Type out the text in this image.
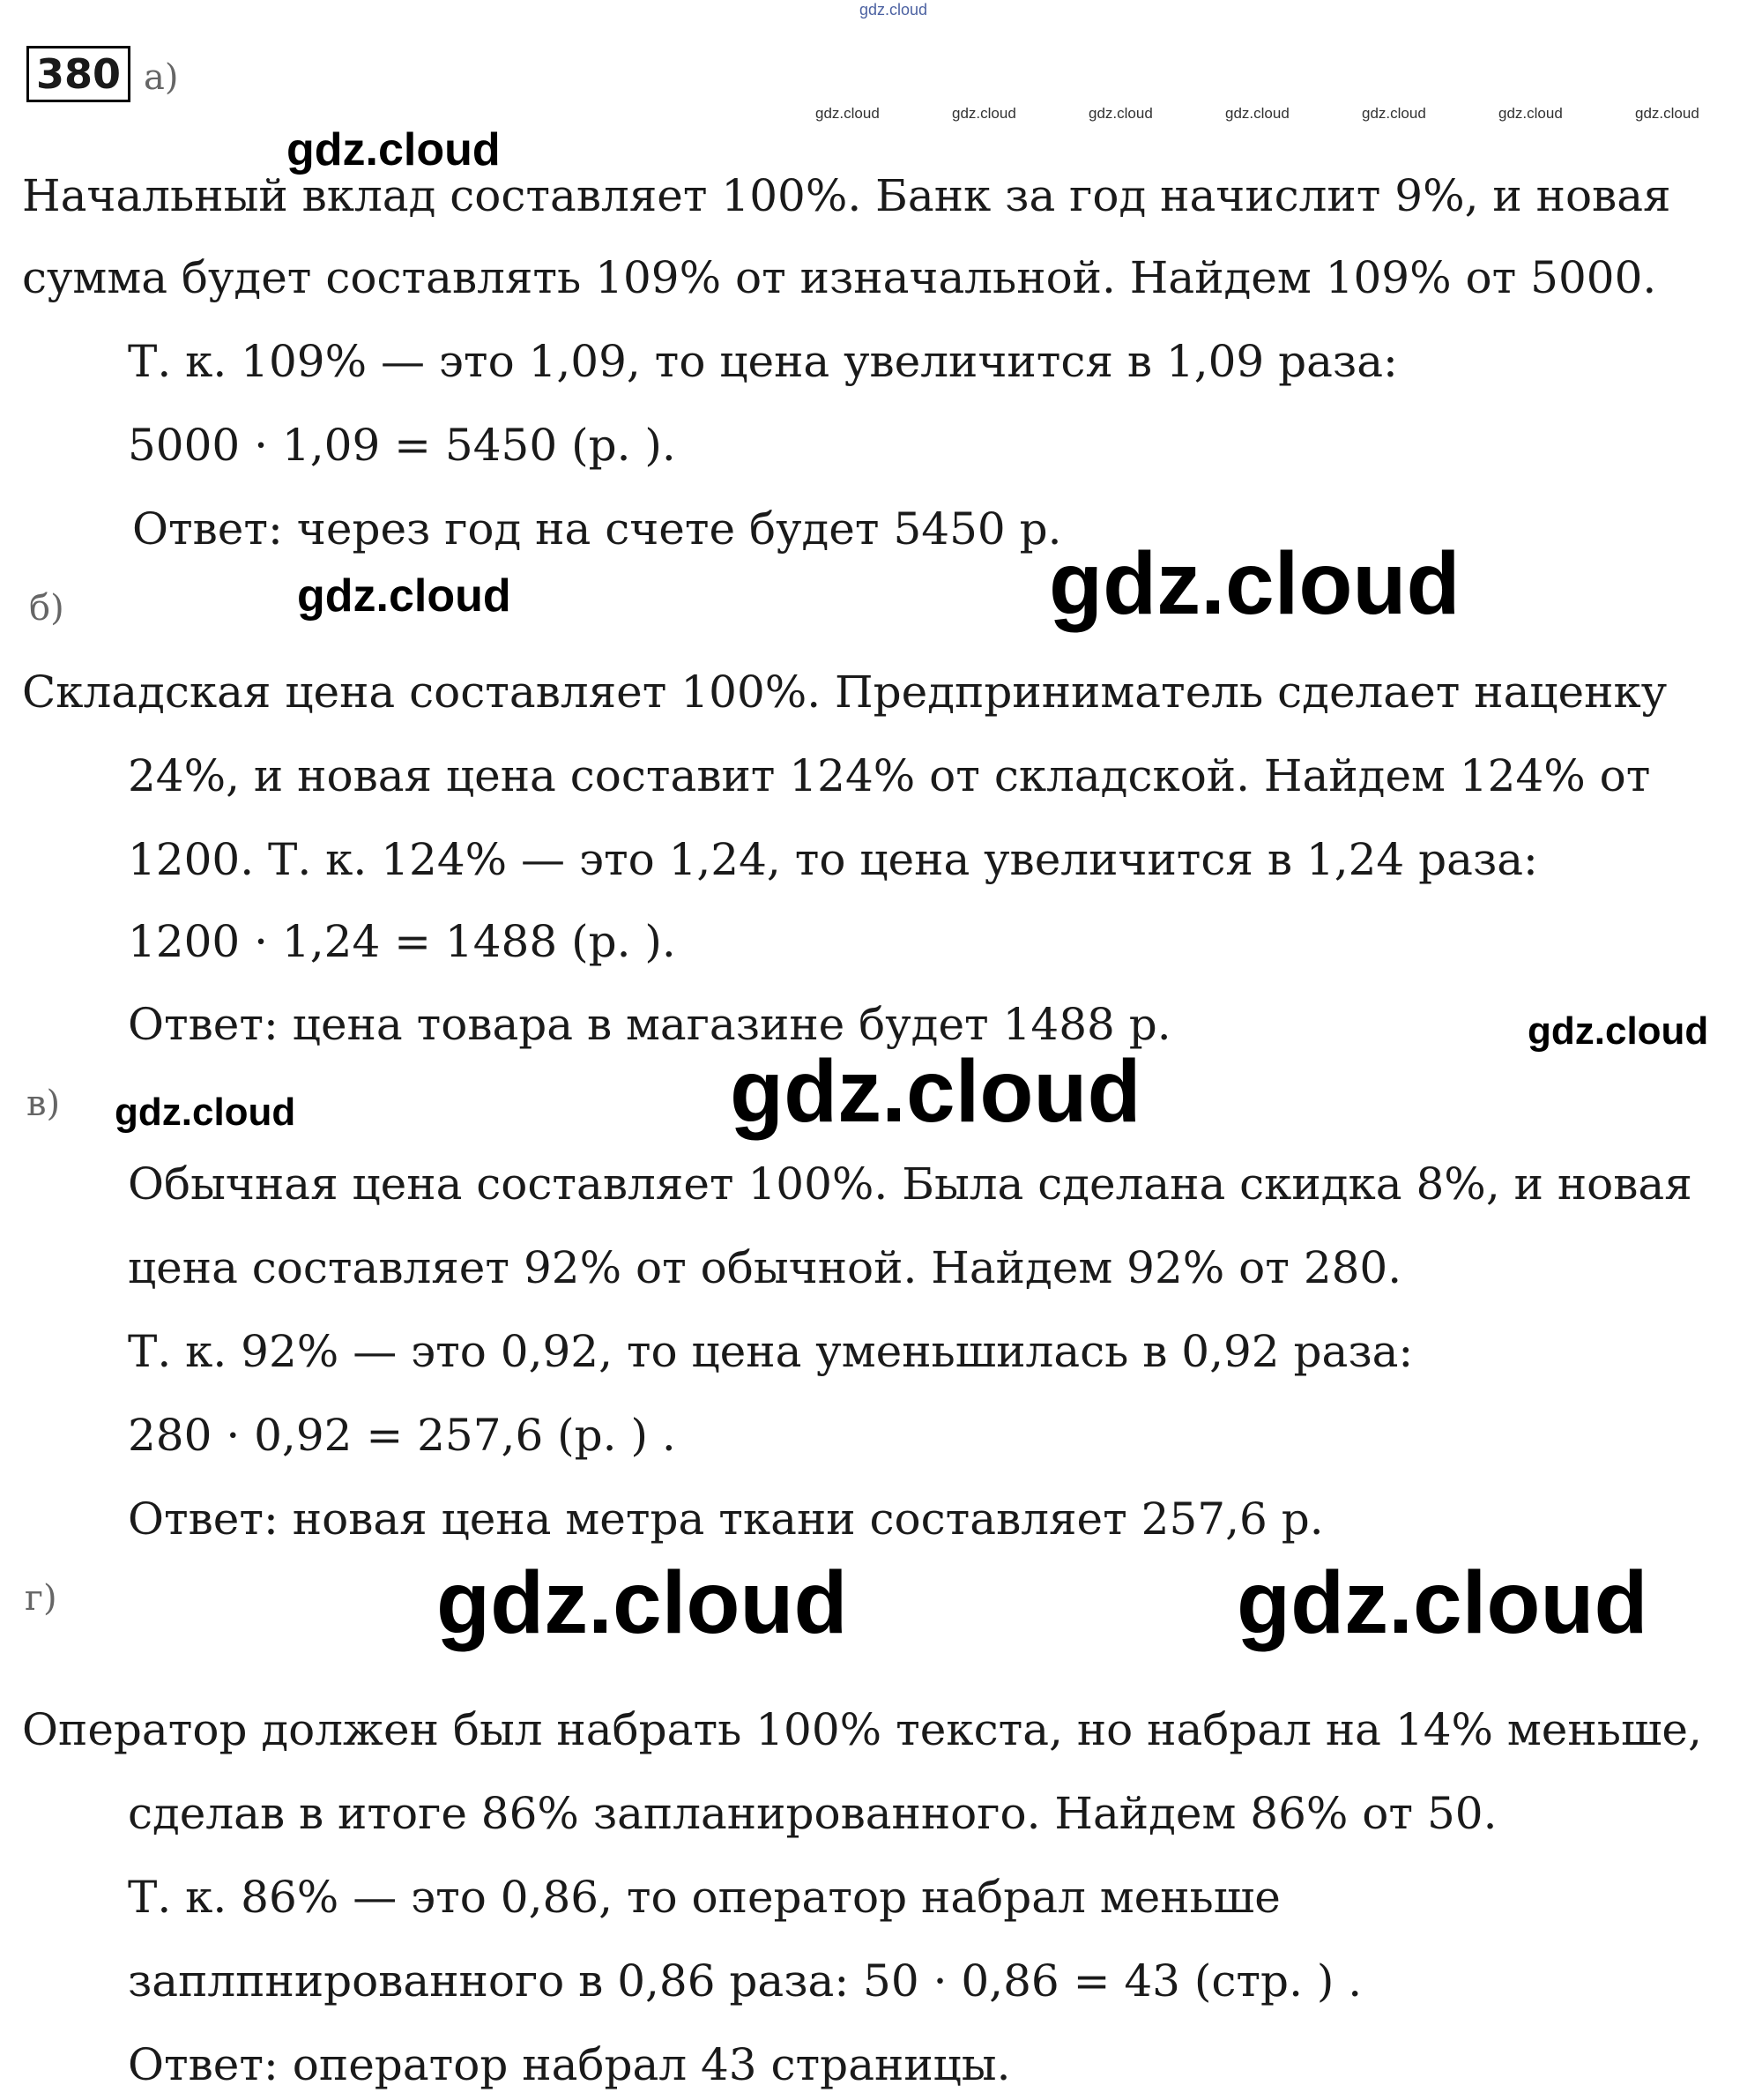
gdz.cloud
gdz.cloud	gdz.cloud	gdz.cloud	gdz.cloud	gdz.cloud	gdz.cloud	gdz.cloud
gdz.cloud
gdz.cloud	gdz.cloud
gdz.cloud
gdz.cloud
gdz.cloud
gdz.cloud	gdz.cloud
380 а)
Начальный вклад составляет 100%. Банк за год начислит 9%, и новая
сумма будет составлять 109% от изначальной. Найдем 109% от 5000.
Т. к. 109% — это 1,09, то цена увеличится в 1,09 раза:
5000 · 1,09 = 5450 (р. ).
Ответ: через год на счете будет 5450 р.
б)
Складская цена составляет 100%. Предприниматель сделает наценку
24%, и новая цена составит 124% от складской. Найдем 124% от
1200. Т. к. 124% — это 1,24, то цена увеличится в 1,24 раза:
1200 · 1,24 = 1488 (р. ).
Ответ: цена товара в магазине будет 1488 р.
в)
Обычная цена составляет 100%. Была сделана скидка 8%, и новая
цена составляет 92% от обычной. Найдем 92% от 280.
Т. к. 92% — это 0,92, то цена уменьшилась в 0,92 раза:
280 · 0,92 = 257,6 (р. ) .
Ответ: новая цена метра ткани составляет 257,6 р.
г)
Оператор должен был набрать 100% текста, но набрал на 14% меньше,
сделав в итоге 86% запланированного. Найдем 86% от 50.
Т. к. 86% — это 0,86, то оператор набрал меньше
заплпнированного в 0,86 раза: 50 · 0,86 = 43 (стр. ) .
Ответ: оператор набрал 43 страницы.
